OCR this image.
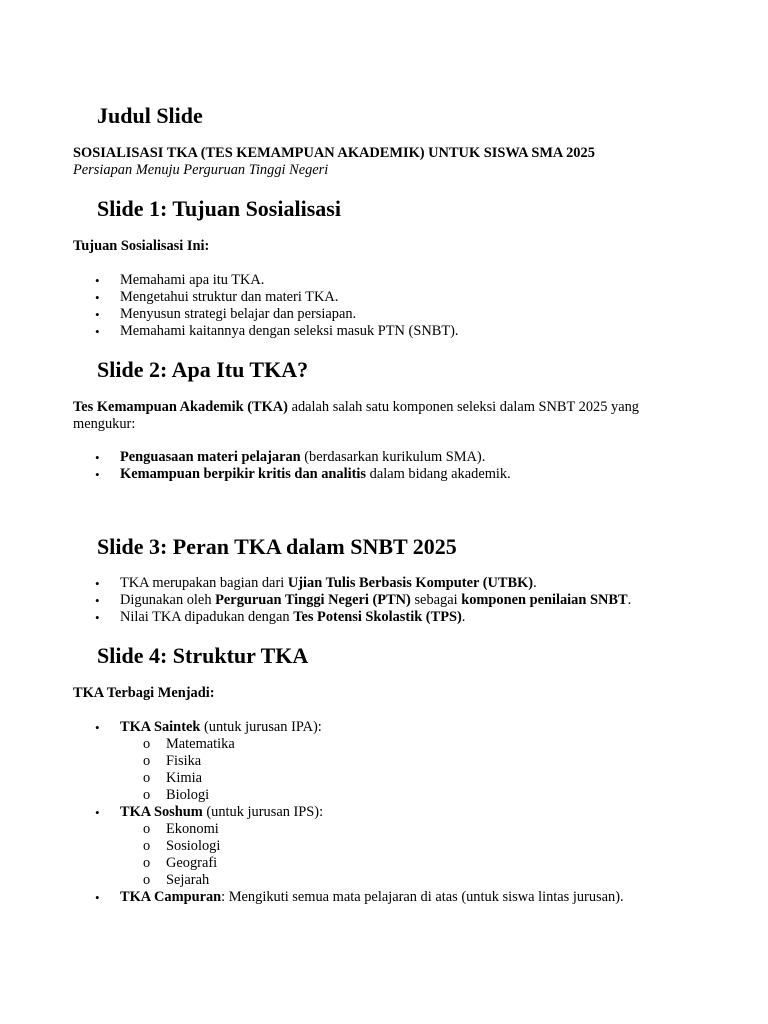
Judul Slide

SOSIALISASI TKA (TES KEMAMPUAN AKADEMIK) UNTUK SISWA SMA 2025

Persiapan Menuju Perguruan Tinggi Negeri

Slide 1: Tujuan Sosialisasi

Tujuan Sosialisasi Ini:

• Memahami apa itu TKA.
• Mengetahui struktur dan materi TKA.
• Menyusun strategi belajar dan persiapan.
• Memahami kaitannya dengan seleksi masuk PTN (SNBT).
Slide 2: Apa Itu TKA?

Tes Kemampuan Akademik (TKA) adalah salah satu komponen seleksi dalam SNBT 2025 yang

mengukur:

• Penguasaan materi pelajaran (berdasarkan kurikulum SMA).
• Kemampuan berpikir kritis dan analitis dalam bidang akademik.
Slide 3: Peran TKA dalam SNBT 2025
• TKA merupakan bagian dari Ujian Tulis Berbasis Komputer (UTBK).
• Digunakan oleh Perguruan Tinggi Negeri (PTN) sebagai komponen penilaian SNBT.
• Nilai TKA dipadukan dengan Tes Potensi Skolastik (TPS).
Slide 4: Struktur TKA

TKA Terbagi Menjadi:

• TKA Saintek (untuk jurusan IPA):
o Matematika
o Fisika
o Kimia
o Biologi
• TKA Soshum (untuk jurusan IPS):
o Ekonomi
o Sosiologi
o Geografi
o Sejarah
• TKA Campuran: Mengikuti semua mata pelajaran di atas (untuk siswa lintas jurusan).
